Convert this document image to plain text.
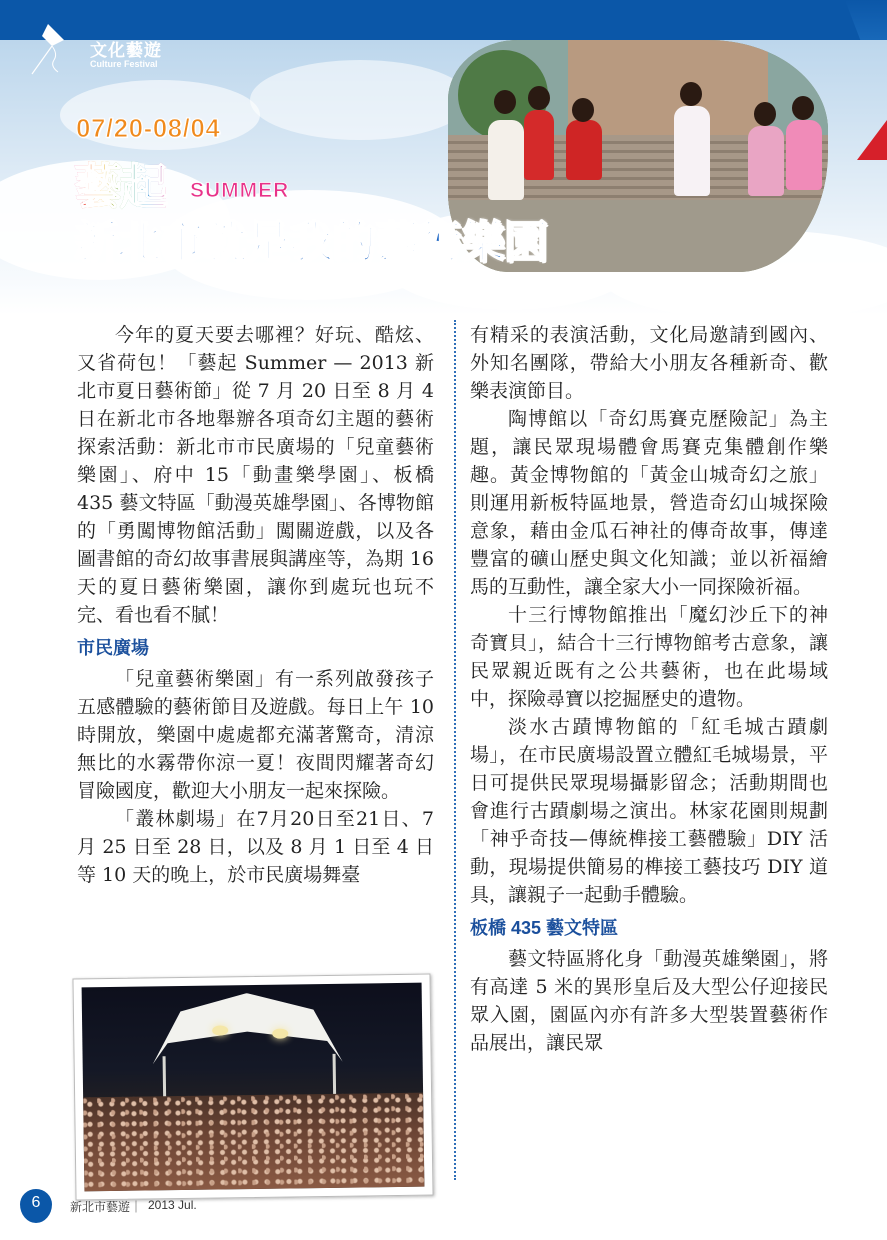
文化藝遊
Culture Festival
07/20-08/04
藝起 SUMMER
新北市就是我的藝術樂園

今年的夏天要去哪裡？好玩、酷炫、又省荷包！「藝起 Summer — 2013 新北市夏日藝術節」從 7 月 20 日至 8 月 4 日在新北市各地舉辦各項奇幻主題的藝術探索活動：新北市市民廣場的「兒童藝術樂園」、府中 15「動畫樂學園」、板橋 435 藝文特區「動漫英雄學園」、各博物館的「勇闖博物館活動」闖關遊戲，以及各圖書館的奇幻故事書展與講座等，為期 16 天的夏日藝術樂園，讓你到處玩也玩不完、看也看不膩！

市民廣場

「兒童藝術樂園」有一系列啟發孩子五感體驗的藝術節目及遊戲。每日上午 10 時開放，樂園中處處都充滿著驚奇，清涼無比的水霧帶你涼一夏！夜間閃耀著奇幻冒險國度，歡迎大小朋友一起來探險。

「叢林劇場」在7月20日至21日、7月 25 日至 28 日，以及 8 月 1 日至 4 日等 10 天的晚上，於市民廣場舞臺

有精采的表演活動，文化局邀請到國內、外知名團隊，帶給大小朋友各種新奇、歡樂表演節目。

陶博館以「奇幻馬賽克歷險記」為主題，讓民眾現場體會馬賽克集體創作樂趣。黃金博物館的「黃金山城奇幻之旅」則運用新板特區地景，營造奇幻山城探險意象，藉由金瓜石神社的傳奇故事，傳達豐富的礦山歷史與文化知識；並以祈福繪馬的互動性，讓全家大小一同探險祈福。

十三行博物館推出「魔幻沙丘下的神奇寶貝」，結合十三行博物館考古意象，讓民眾親近既有之公共藝術，也在此場域中，探險尋寶以挖掘歷史的遺物。

淡水古蹟博物館的「紅毛城古蹟劇場」，在市民廣場設置立體紅毛城場景，平日可提供民眾現場攝影留念；活動期間也會進行古蹟劇場之演出。林家花園則規劃「神乎奇技—傳統榫接工藝體驗」DIY 活動，現場提供簡易的榫接工藝技巧 DIY 道具，讓親子一起動手體驗。

板橋 435 藝文特區

藝文特區將化身「動漫英雄樂園」，將有高達 5 米的異形皇后及大型公仔迎接民眾入園，園區內亦有許多大型裝置藝術作品展出，讓民眾

6	新北市藝遊｜ 2013 Jul.
